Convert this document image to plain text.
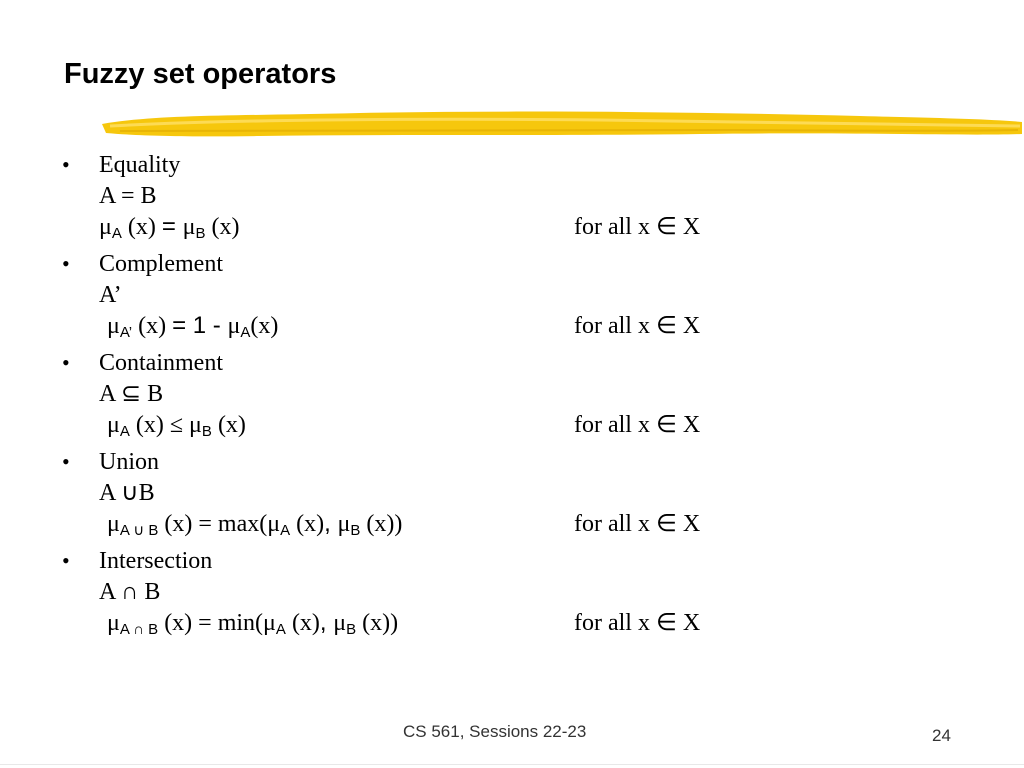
Fuzzy set operators
• Equality
A = B
μA (x) = μB (x)	for all x ∈ X
• Complement
A’
μA’ (x) = 1 - μA(x)	for all x ∈ X
• Containment
A ⊆ B
μA (x) ≤ μB (x)	for all x ∈ X
• Union
A ∪B
μA ∪ B (x) = max(μA (x), μB (x))	for all x ∈ X
• Intersection
A ∩ B
μA ∩ B (x) = min(μA (x), μB (x))	for all x ∈ X
CS 561, Sessions 22-23	24
